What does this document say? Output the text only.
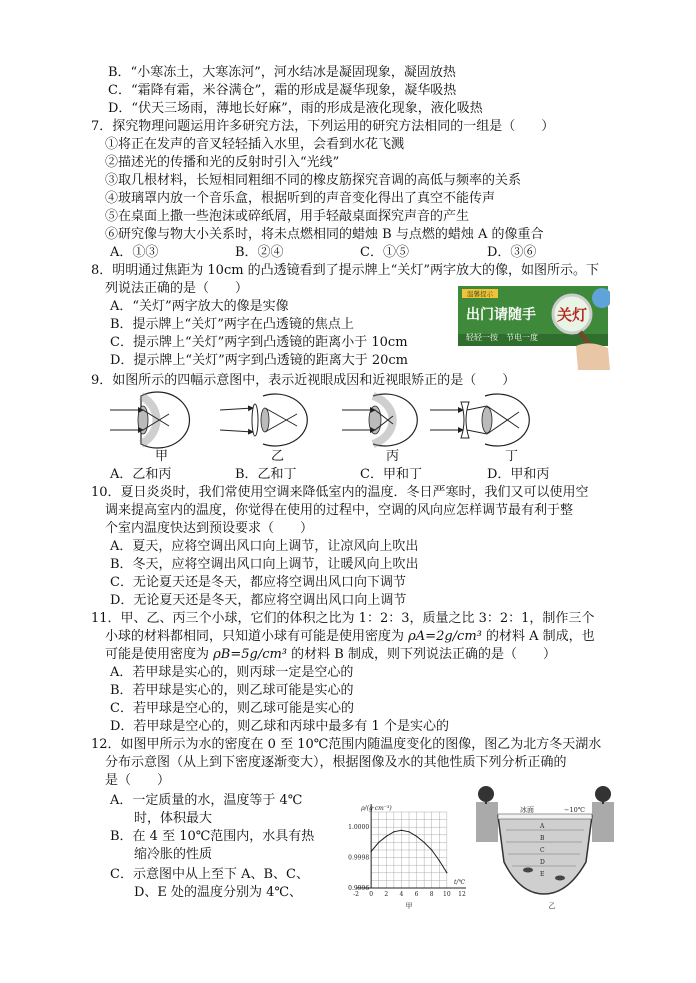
B．“小寒冻土，大寒冻河”，河水结冰是凝固现象，凝固放热
C．“霜降有霜，米谷满仓”，霜的形成是凝华现象，凝华吸热
D．“伏天三场雨，薄地长好麻”，雨的形成是液化现象，液化吸热
7．探究物理问题运用许多研究方法，下列运用的研究方法相同的一组是（　　）
①将正在发声的音叉轻轻插入水里，会看到水花飞溅
②描述光的传播和光的反射时引入“光线”
③取几根材料，长短相同粗细不同的橡皮筋探究音调的高低与频率的关系
④玻璃罩内放一个音乐盒，根据听到的声音变化得出了真空不能传声
⑤在桌面上撒一些泡沫或碎纸屑，用手轻敲桌面探究声音的产生
⑥研究像与物大小关系时，将未点燃相同的蜡烛 B 与点燃的蜡烛 A 的像重合
A．①③	B．②④	C．①⑤	D．③⑥
8．明明通过焦距为 10cm 的凸透镜看到了提示牌上“关灯”两字放大的像，如图所示。下
列说法正确的是（　　）
A．“关灯”两字放大的像是实像
B．提示牌上“关灯”两字在凸透镜的焦点上
C．提示牌上“关灯”两字到凸透镜的距离小于 10cm
D．提示牌上“关灯”两字到凸透镜的距离大于 20cm
温馨提示
出门请随手 关灯
轻轻一按　节电一度
9．如图所示的四幅示意图中，表示近视眼成因和近视眼矫正的是（　　）
甲	乙	丙	丁
A．乙和丙	B．乙和丁	C．甲和丁	D．甲和丙
10．夏日炎炎时，我们常使用空调来降低室内的温度．冬日严寒时，我们又可以使用空
调来提高室内的温度，你觉得在使用的过程中，空调的风向应怎样调节最有利于整
个室内温度快达到预设要求（　　）
A．夏天，应将空调出风口向上调节，让凉风向上吹出
B．冬天，应将空调出风口向上调节，让暖风向上吹出
C．无论夏天还是冬天，都应将空调出风口向下调节
D．无论夏天还是冬天，都应将空调出风口向上调节
11．甲、乙、丙三个小球，它们的体积之比为 1：2：3，质量之比 3：2：1，制作三个
小球的材料都相同，只知道小球有可能是使用密度为 ρA=2g/cm³ 的材料 A 制成，也
可能是使用密度为 ρB=5g/cm³ 的材料 B 制成，则下列说法正确的是（　　）
A．若甲球是实心的，则丙球一定是空心的
B．若甲球是实心的，则乙球可能是实心的
C．若甲球是空心的，则乙球可能是实心的
D．若甲球是空心的，则乙球和丙球中最多有 1 个是实心的
12．如图甲所示为水的密度在 0 至 10℃范围内随温度变化的图像，图乙为北方冬天湖水
分布示意图（从上到下密度逐渐变大），根据图像及水的其他性质下列分析正确的
是（　　）
A．一定质量的水，温度等于 4℃
时，体积最大
B．在 4 至 10℃范围内，水具有热
缩冷胀的性质
C．示意图中从上至下 A、B、C、
D、E 处的温度分别为 4℃、
ρ/(g·cm⁻³)
t/℃
-2 0 2 4 6 8 10 12
1.0000
0.9998
0.9996
甲
冰面	−10℃
A
B
C
D
E
乙
